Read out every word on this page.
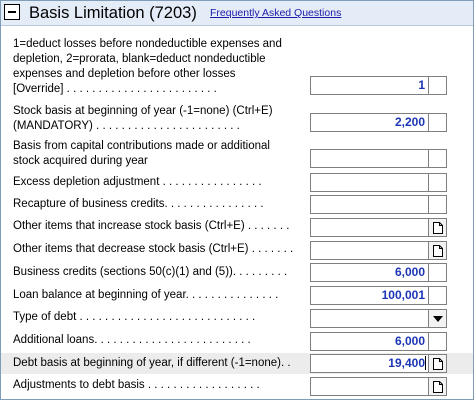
Basis Limitation (7203) Frequently Asked Questions
1=deduct losses before nondeductible expenses and
depletion, 2=prorata, blank=deduct nondeductible
expenses and depletion before other losses
[Override] . . . . . . . . . . . . . . . . . . . . . . . .	1
Stock basis at beginning of year (-1=none) (Ctrl+E)
(MANDATORY) . . . . . . . . . . . . . . . . . . . . . . .	2,200
Basis from capital contributions made or additional
stock acquired during year
Excess depletion adjustment . . . . . . . . . . . . . . . .
Recapture of business credits. . . . . . . . . . . . . . . .
Other items that increase stock basis (Ctrl+E) . . . . . . .
Other items that decrease stock basis (Ctrl+E) . . . . . . .
Business credits (sections 50(c)(1) and (5)). . . . . . . . .	6,000
Loan balance at beginning of year. . . . . . . . . . . . . . .	100,001
Type of debt . . . . . . . . . . . . . . . . . . . . . . . . . . . .
Additional loans. . . . . . . . . . . . . . . . . . . . . . . . .	6,000
Debt basis at beginning of year, if different (-1=none). .	19,400
Adjustments to debt basis . . . . . . . . . . . . . . . . . .
